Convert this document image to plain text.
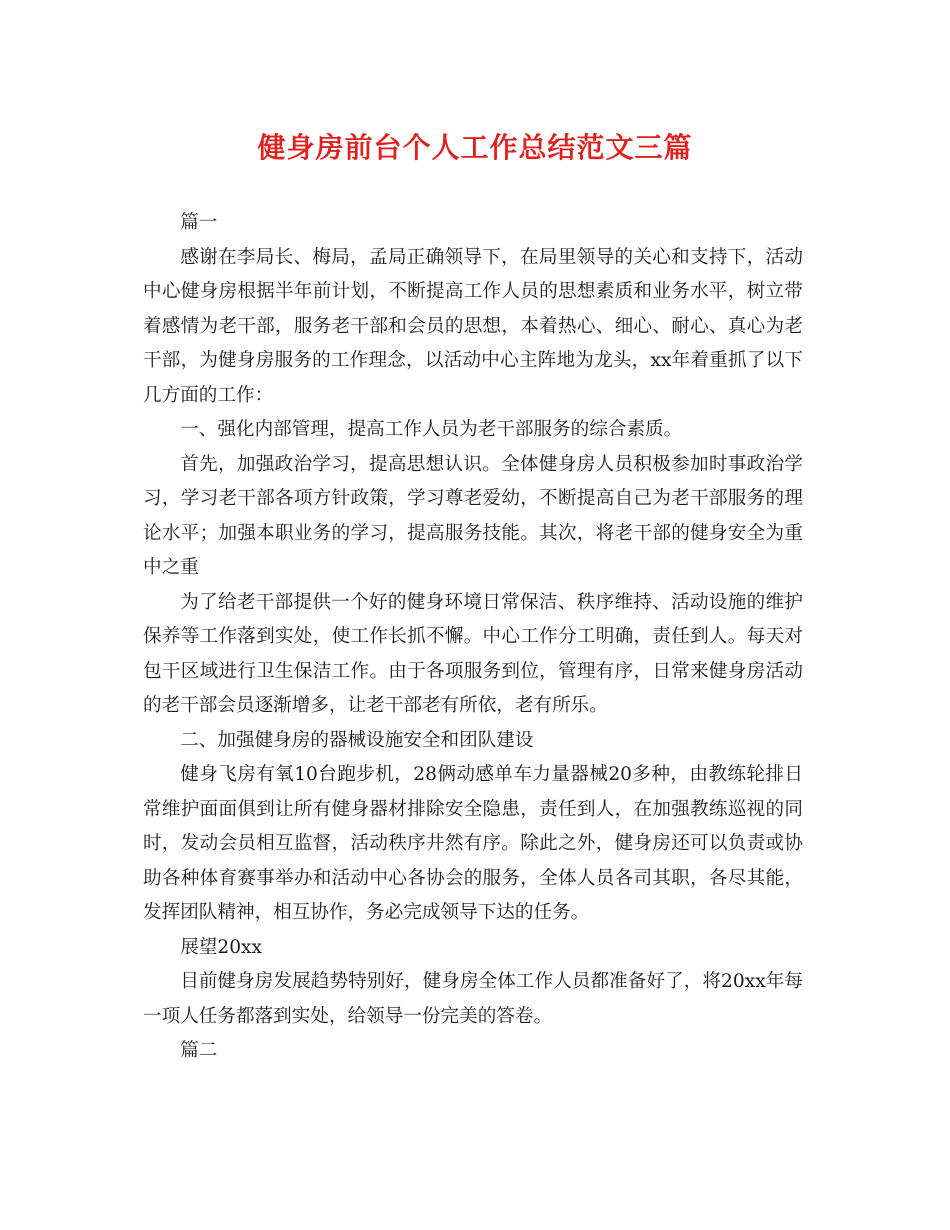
健身房前台个人工作总结范文三篇

篇一

感谢在李局长、梅局，孟局正确领导下，在局里领导的关心和支持下，活动中心健身房根据半年前计划，不断提高工作人员的思想素质和业务水平，树立带着感情为老干部，服务老干部和会员的思想，本着热心、细心、耐心、真心为老干部，为健身房服务的工作理念，以活动中心主阵地为龙头，xx年着重抓了以下几方面的工作：

一、强化内部管理，提高工作人员为老干部服务的综合素质。

首先，加强政治学习，提高思想认识。全体健身房人员积极参加时事政治学习，学习老干部各项方针政策，学习尊老爱幼，不断提高自己为老干部服务的理论水平；加强本职业务的学习，提高服务技能。其次，将老干部的健身安全为重中之重

为了给老干部提供一个好的健身环境日常保洁、秩序维持、活动设施的维护保养等工作落到实处，使工作长抓不懈。中心工作分工明确，责任到人。每天对包干区域进行卫生保洁工作。由于各项服务到位，管理有序，日常来健身房活动的老干部会员逐渐增多，让老干部老有所依，老有所乐。

二、加强健身房的器械设施安全和团队建设

健身飞房有氧10台跑步机，28俩动感单车力量器械20多种，由教练轮排日常维护面面俱到让所有健身器材排除安全隐患，责任到人，在加强教练巡视的同时，发动会员相互监督，活动秩序井然有序。除此之外，健身房还可以负责或协助各种体育赛事举办和活动中心各协会的服务，全体人员各司其职，各尽其能，发挥团队精神，相互协作，务必完成领导下达的任务。

展望20xx

目前健身房发展趋势特别好，健身房全体工作人员都准备好了，将20xx年每一项人任务都落到实处，给领导一份完美的答卷。

篇二
